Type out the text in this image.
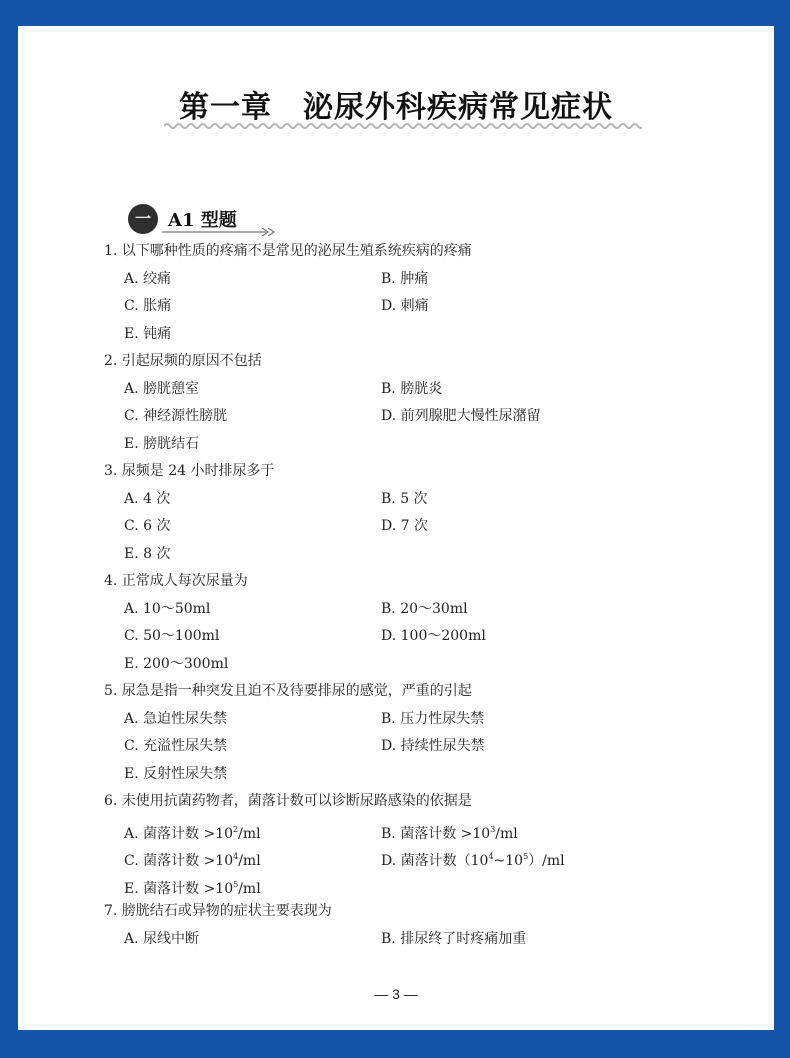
第一章　泌尿外科疾病常见症状
一 A1 型题
1. 以下哪种性质的疼痛不是常见的泌尿生殖系统疾病的疼痛
A. 绞痛	B. 肿痛
C. 胀痛	D. 刺痛
E. 钝痛
2. 引起尿频的原因不包括
A. 膀胱憩室	B. 膀胱炎
C. 神经源性膀胱	D. 前列腺肥大慢性尿潴留
E. 膀胱结石
3. 尿频是 24 小时排尿多于
A. 4 次	B. 5 次
C. 6 次	D. 7 次
E. 8 次
4. 正常成人每次尿量为
A. 10～50ml	B. 20～30ml
C. 50～100ml	D. 100～200ml
E. 200～300ml
5. 尿急是指一种突发且迫不及待要排尿的感觉，严重的引起
A. 急迫性尿失禁	B. 压力性尿失禁
C. 充溢性尿失禁	D. 持续性尿失禁
E. 反射性尿失禁
6. 未使用抗菌药物者，菌落计数可以诊断尿路感染的依据是
A. 菌落计数 $>10^2/ml$	B. 菌落计数 $>10^3/ml$
C. 菌落计数 $>10^4/ml$	D. 菌落计数$(10^4\sim 10^5)/ml$
E. 菌落计数 $>10^5/ml$
7. 膀胱结石或异物的症状主要表现为
A. 尿线中断	B. 排尿终了时疼痛加重
— 3 —
